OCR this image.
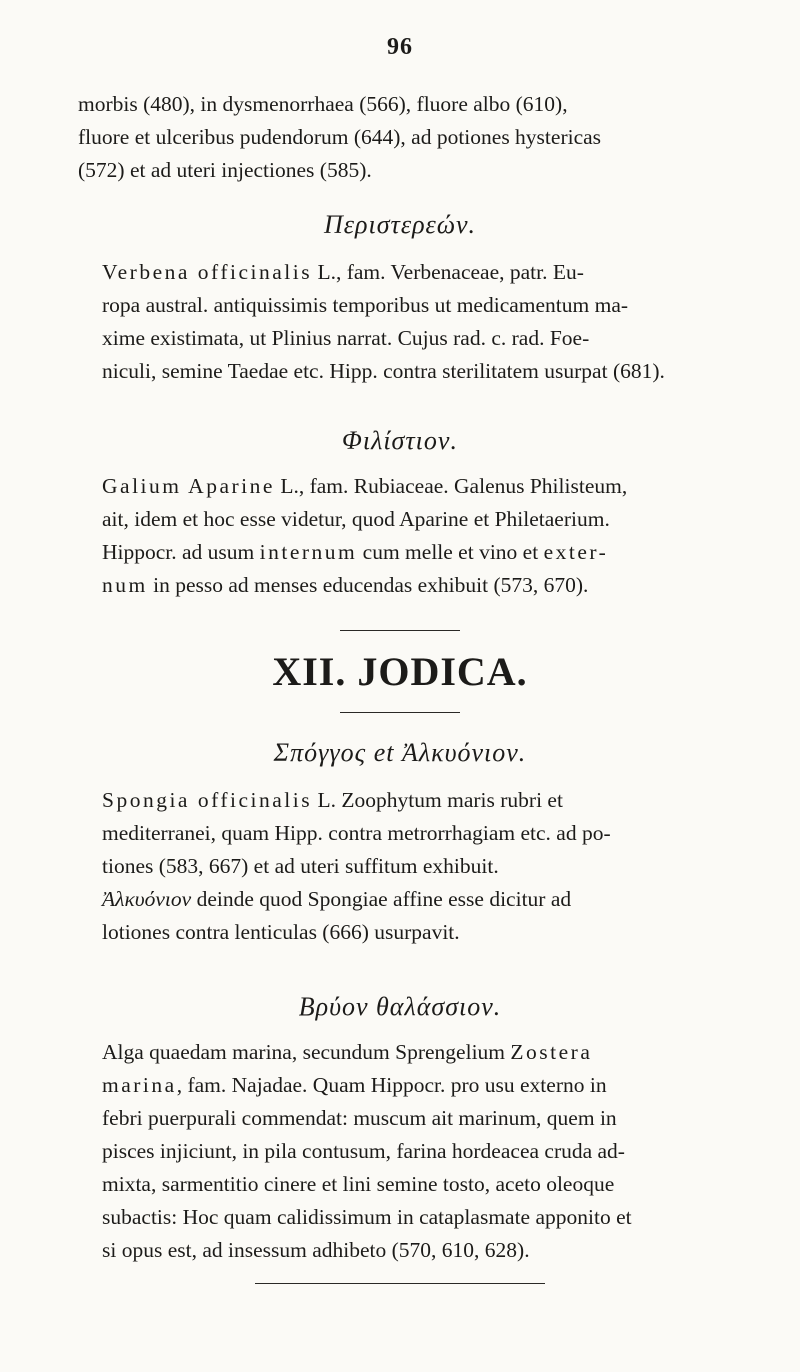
96
morbis (480), in dysmenorrhaea (566), fluore albo (610),
fluore et ulceribus pudendorum (644), ad potiones hystericas
(572) et ad uteri injectiones (585).
Περιστερεών.
Verbena officinalis L., fam. Verbenaceae, patr. Eu-
ropa austral. antiquissimis temporibus ut medicamentum ma-
xime existimata, ut Plinius narrat. Cujus rad. c. rad. Foe-
niculi, semine Taedae etc. Hipp. contra sterilitatem usurpat (681).
Φιλίστιον.
Galium Aparine L., fam. Rubiaceae. Galenus Philisteum,
ait, idem et hoc esse videtur, quod Aparine et Philetaerium.
Hippocr. ad usum internum cum melle et vino et exter-
num in pesso ad menses educendas exhibuit (573, 670).
XII. JODICA.
Σπόγγος et Ἀλκυόνιον.
Spongia officinalis L. Zoophytum maris rubri et
mediterranei, quam Hipp. contra metrorrhagiam etc. ad po-
tiones (583, 667) et ad uteri suffitum exhibuit.
Ἀλκυόνιον deinde quod Spongiae affine esse dicitur ad
lotiones contra lenticulas (666) usurpavit.
Βρύον θαλάσσιον.
Alga quaedam marina, secundum Sprengelium Zostera
marina, fam. Najadae. Quam Hippocr. pro usu externo in
febri puerpurali commendat: muscum ait marinum, quem in
pisces injiciunt, in pila contusum, farina hordeacea cruda ad-
mixta, sarmentitio cinere et lini semine tosto, aceto oleoque
subactis: Hoc quam calidissimum in cataplasmate apponito et
si opus est, ad insessum adhibeto (570, 610, 628).
